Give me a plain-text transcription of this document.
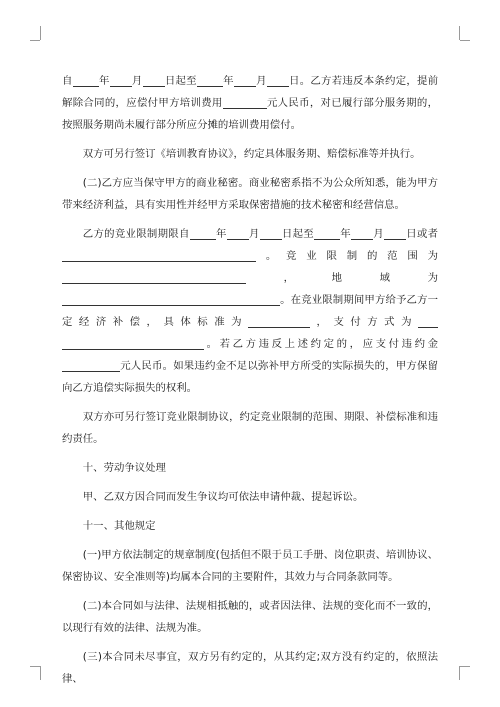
自	年 月 日起至	年 月 日。乙方若违反本条约定，提前解除合同的，应偿付甲方培训费用	元人民币，对已履行部分服务期的，按照服务期尚未履行部分所应分摊的培训费用偿付。

双方可另行签订《培训教育协议》，约定具体服务期、赔偿标准等并执行。

(二)乙方应当保守甲方的商业秘密。商业秘密系指不为公众所知悉，能为甲方带来经济利益，具有实用性并经甲方采取保密措施的技术秘密和经营信息。

乙方的竞业限制期限自	年 月 日起至	年 月 日或者。竞业限制的范围为，地域为。在竞业限制期间甲方给予乙方一定经济补偿，具体标准为	，支付方式为。若乙方违反上述约定的，应支付违约金元人民币。如果违约金不足以弥补甲方所受的实际损失的，甲方保留向乙方追偿实际损失的权利。

双方亦可另行签订竞业限制协议，约定竞业限制的范围、期限、补偿标准和违约责任。

十、劳动争议处理

甲、乙双方因合同而发生争议均可依法申请仲裁、提起诉讼。

十一、其他规定

(一)甲方依法制定的规章制度(包括但不限于员工手册、岗位职责、培训协议、保密协议、安全准则等)均属本合同的主要附件，其效力与合同条款同等。

(二)本合同如与法律、法规相抵触的，或者因法律、法规的变化而不一致的，以现行有效的法律、法规为准。

(三)本合同未尽事宜，双方另有约定的，从其约定;双方没有约定的，依照法律、
